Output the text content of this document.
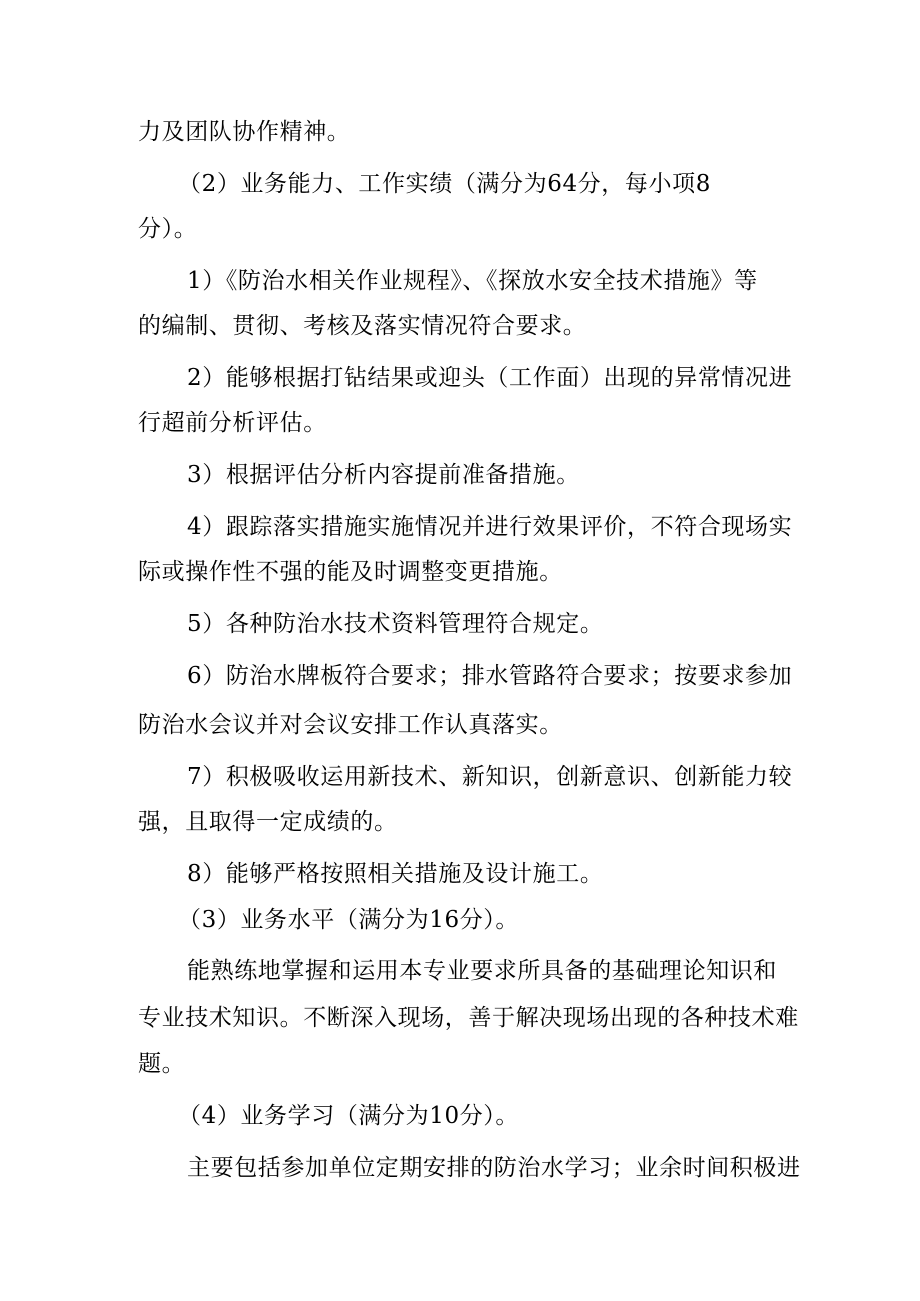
力及团队协作精神。
（2）业务能力、工作实绩（满分为64分，每小项8
分）。
1）《防治水相关作业规程》、《探放水安全技术措施》等
的编制、贯彻、考核及落实情况符合要求。
2）能够根据打钻结果或迎头（工作面）出现的异常情况进
行超前分析评估。
3）根据评估分析内容提前准备措施。
4）跟踪落实措施实施情况并进行效果评价，不符合现场实
际或操作性不强的能及时调整变更措施。
5）各种防治水技术资料管理符合规定。
6）防治水牌板符合要求；排水管路符合要求；按要求参加
防治水会议并对会议安排工作认真落实。
7）积极吸收运用新技术、新知识，创新意识、创新能力较
强，且取得一定成绩的。
8）能够严格按照相关措施及设计施工。
（3）业务水平（满分为16分）。
能熟练地掌握和运用本专业要求所具备的基础理论知识和
专业技术知识。不断深入现场，善于解决现场出现的各种技术难
题。
（4）业务学习（满分为10分）。
主要包括参加单位定期安排的防治水学习；业余时间积极进
